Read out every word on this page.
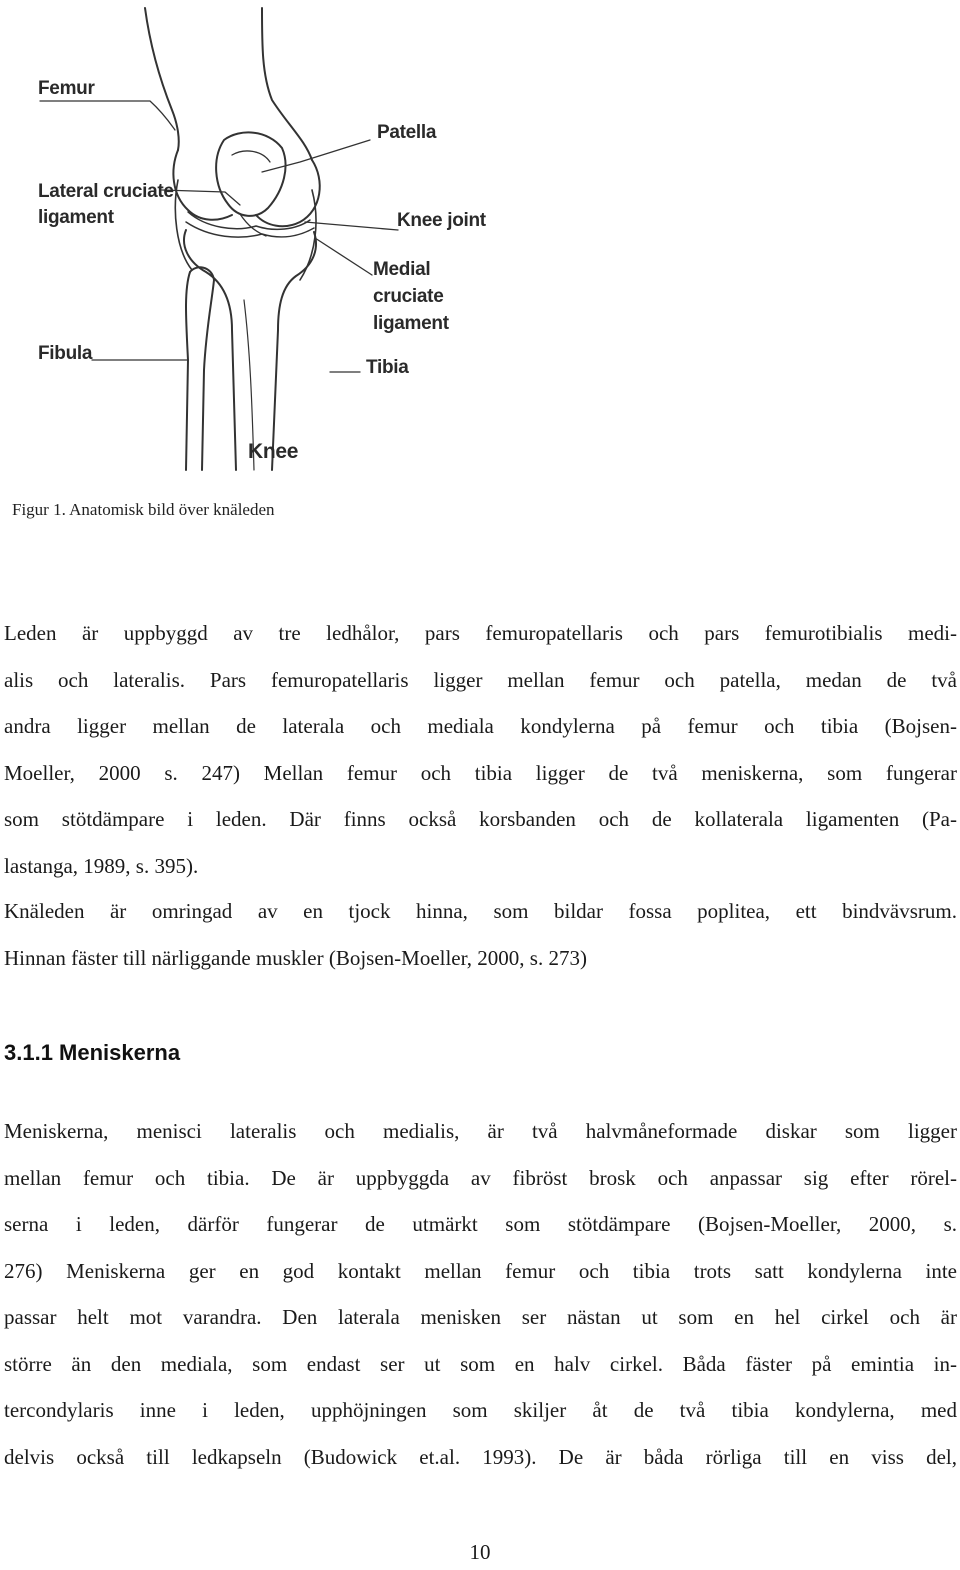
Femur
Patella
Lateral cruciate
ligament	Knee joint
Medial
cruciate
ligament
Fibula
Tibia
Knee
Figur 1. Anatomisk bild över knäleden

Leden är uppbyggd av tre ledhålor, pars femuropatellaris och pars femurotibialis medi-
alis och lateralis. Pars femuropatellaris ligger mellan femur och patella, medan de två
andra ligger mellan de laterala och mediala kondylerna på femur och tibia (Bojsen-
Moeller, 2000 s. 247) Mellan femur och tibia ligger de två meniskerna, som fungerar
som stötdämpare i leden. Där finns också korsbanden och de kollaterala ligamenten (Pa-
lastanga, 1989, s. 395).

Knäleden är omringad av en tjock hinna, som bildar fossa poplitea, ett bindvävsrum.
Hinnan fäster till närliggande muskler (Bojsen-Moeller, 2000, s. 273)

3.1.1 Meniskerna

Meniskerna, menisci lateralis och medialis, är två halvmåneformade diskar som ligger
mellan femur och tibia. De är uppbyggda av fibröst brosk och anpassar sig efter rörel-
serna i leden, därför fungerar de utmärkt som stötdämpare (Bojsen-Moeller, 2000, s.
276) Meniskerna ger en god kontakt mellan femur och tibia trots satt kondylerna inte
passar helt mot varandra. Den laterala menisken ser nästan ut som en hel cirkel och är
större än den mediala, som endast ser ut som en halv cirkel. Båda fäster på emintia in-
tercondylaris inne i leden, upphöjningen som skiljer åt de två tibia kondylerna, med
delvis också till ledkapseln (Budowick et.al. 1993). De är båda rörliga till en viss del,

10
